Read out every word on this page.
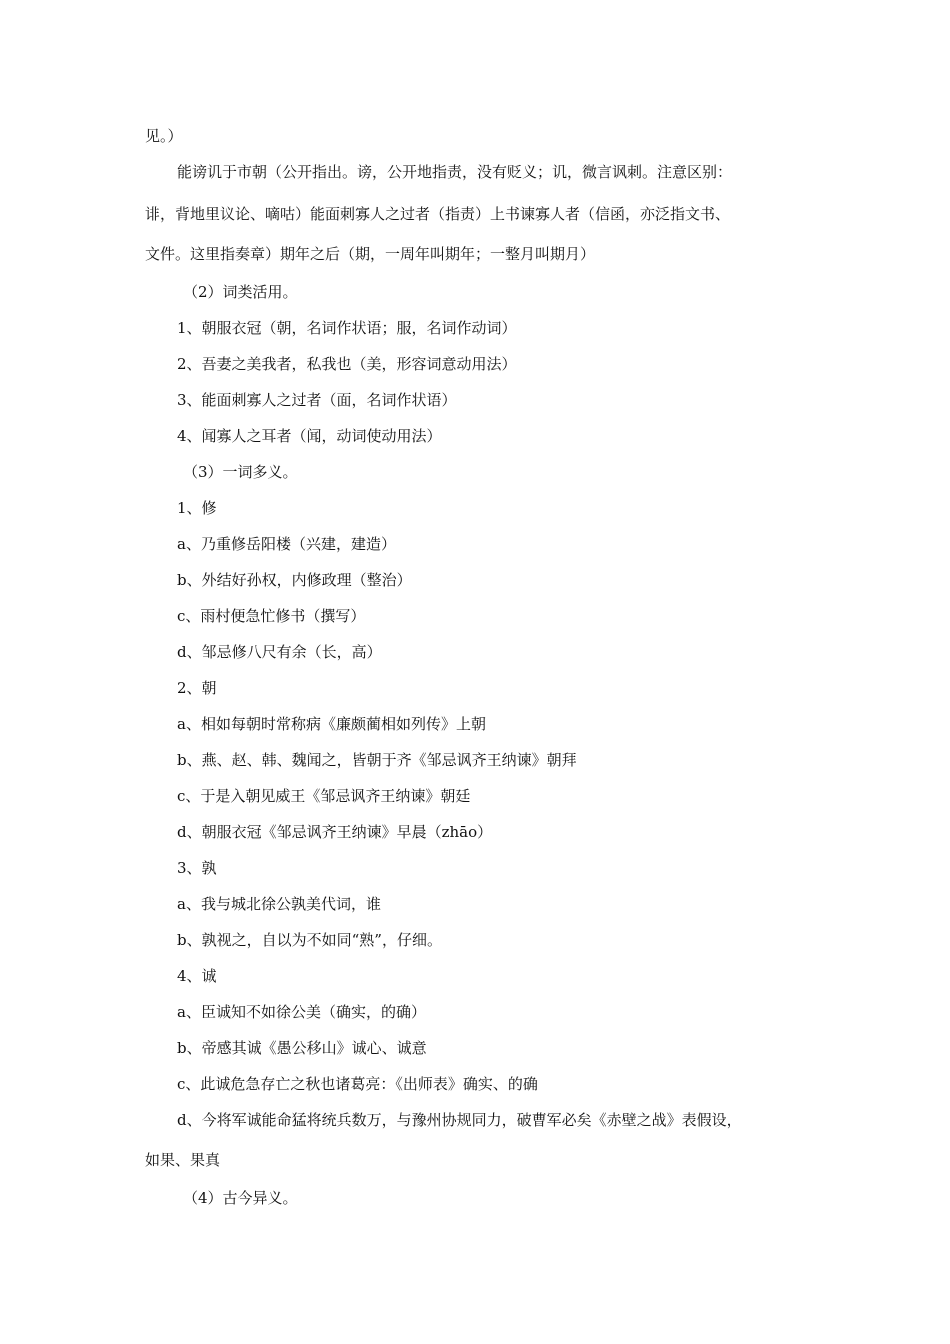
见。）
能谤讥于市朝（公开指出。谤，公开地指责，没有贬义；讥，微言讽刺。注意区别：
诽，背地里议论、嘀咕）能面刺寡人之过者（指责）上书谏寡人者（信函，亦泛指文书、
文件。这里指奏章）期年之后（期，一周年叫期年；一整月叫期月）
（2）词类活用。
1、朝服衣冠（朝，名词作状语；服，名词作动词）
2、吾妻之美我者，私我也（美，形容词意动用法）
3、能面刺寡人之过者（面，名词作状语）
4、闻寡人之耳者（闻，动词使动用法）
（3）一词多义。
1、修
a、乃重修岳阳楼（兴建，建造）
b、外结好孙权，内修政理（整治）
c、雨村便急忙修书（撰写）
d、邹忌修八尺有余（长，高）
2、朝
a、相如每朝时常称病《廉颇蔺相如列传》上朝
b、燕、赵、韩、魏闻之，皆朝于齐《邹忌讽齐王纳谏》朝拜
c、于是入朝见威王《邹忌讽齐王纳谏》朝廷
d、朝服衣冠《邹忌讽齐王纳谏》早晨（zhāo）
3、孰
a、我与城北徐公孰美代词，谁
b、孰视之，自以为不如同“熟”，仔细。
4、诚
a、臣诚知不如徐公美（确实，的确）
b、帝感其诚《愚公移山》诚心、诚意
c、此诚危急存亡之秋也诸葛亮：《出师表》确实、的确
d、今将军诚能命猛将统兵数万，与豫州协规同力，破曹军必矣《赤壁之战》表假设，
如果、果真
（4）古今异义。
